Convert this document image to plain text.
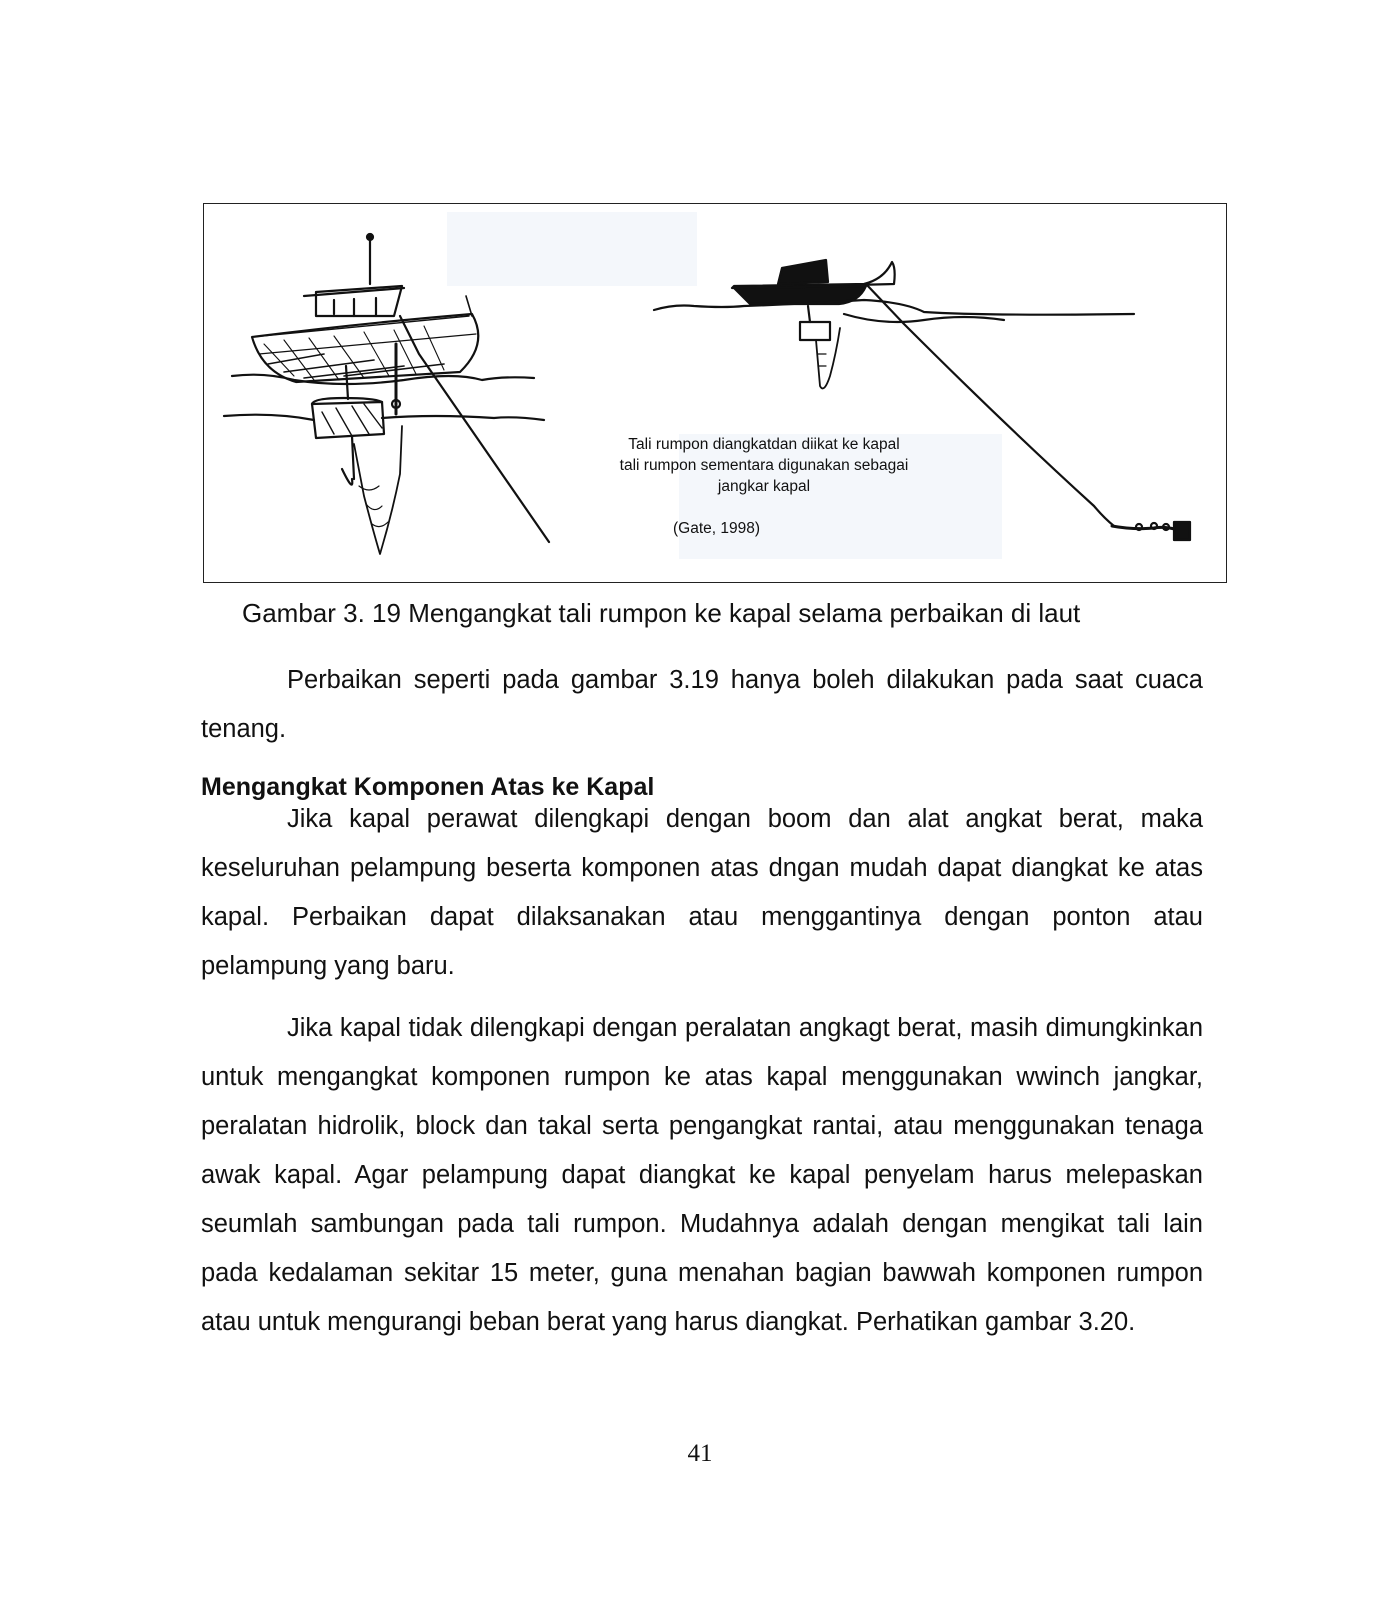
Tali rumpon diangkatdan diikat ke kapal
tali rumpon sementara digunakan sebagai
jangkar kapal
(Gate, 1998)
Gambar 3. 19 Mengangkat tali rumpon ke kapal selama perbaikan di laut

Perbaikan seperti pada gambar 3.19 hanya boleh dilakukan pada saat cuaca tenang.

Mengangkat Komponen Atas ke Kapal

Jika kapal perawat dilengkapi dengan boom dan alat angkat berat, maka keseluruhan pelampung beserta komponen atas dngan mudah dapat diangkat ke atas kapal. Perbaikan dapat dilaksanakan atau menggantinya dengan ponton atau pelampung yang baru.

Jika kapal tidak dilengkapi dengan peralatan angkagt berat, masih dimungkinkan untuk mengangkat komponen rumpon ke atas kapal menggunakan wwinch jangkar, peralatan hidrolik, block dan takal serta pengangkat rantai, atau menggunakan tenaga awak kapal. Agar pelampung dapat diangkat ke kapal penyelam harus melepaskan seumlah sambungan pada tali rumpon. Mudahnya adalah dengan mengikat tali lain pada kedalaman sekitar 15 meter, guna menahan bagian bawwah komponen rumpon atau untuk mengurangi beban berat yang harus diangkat. Perhatikan gambar 3.20.

41
